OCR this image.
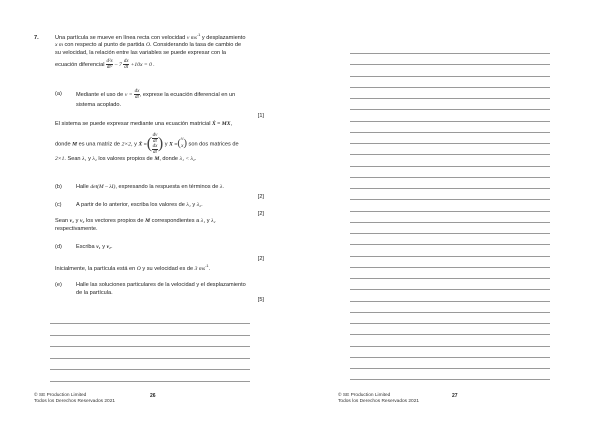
7.	Una partícula se mueve en línea recta con velocidad v $ms^{-1}$ y desplazamiento
x m con respecto al punto de partida O. Considerando la tasa de cambio de
su velocidad, la relación entre las variables se puede expresar con la
ecuación diferencial $\frac{\text{d²x}}{\text{dt²}} - 7 \frac{dx}{dt} +10x = 0$ .
(a)	Mediante el uso de $v = \frac{dx}{dt}$ , exprese la ecuación diferencial en un
sistema acoplado.
[1]
El sistema se puede expresar mediante una ecuación matricial Ẋ = MX,
donde M es una matriz de 2×2, y Ẋ =( dv
dt
dx
dt
) y X =( v
x ) son dos matrices de
2×1. Sean λ₁ y λ₂ los valores propios de M, donde λ₁ < λ₂.
(b)	Halle det(M – λI), expresando la respuesta en términos de λ.
[2]
(c)	A partir de lo anterior, escriba los valores de λ₁ y λ₂.
[2]
Sean v₁ y v₂ los vectores propios de M correspondientes a λ₁ y λ₂
respectivamente.
(d)	Escriba v₁ y v₂.
[2]
Inicialmente, la partícula está en O y su velocidad es de 3 $ms^{-1}$.
(e)	Halle las soluciones particulares de la velocidad y el desplazamiento
de la partícula.
[5]
© SE Production Limited
Todos los Derechos Reservados 2021
26	© SE Production Limited
Todos los Derechos Reservados 2021
27
